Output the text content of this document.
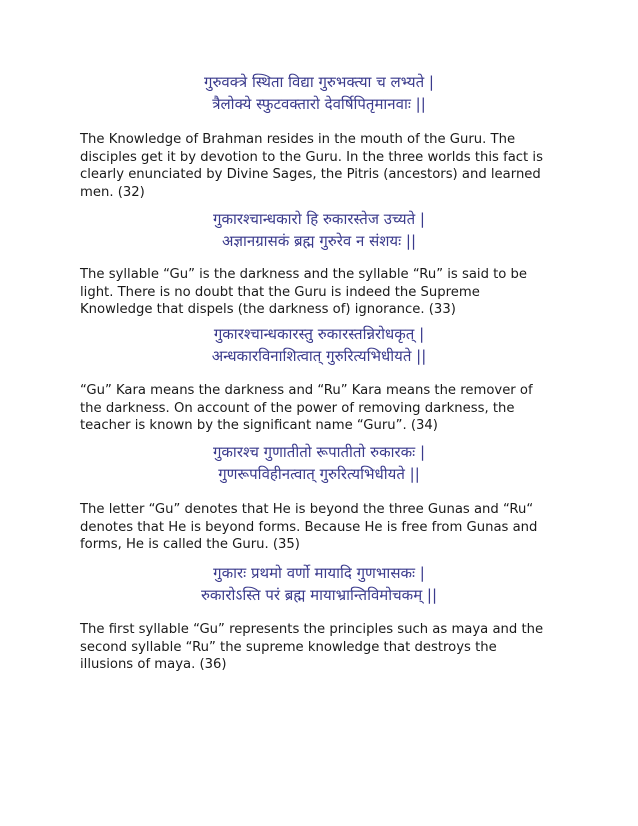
गुरुवक्त्रे स्थिता विद्या गुरुभक्त्या च लभ्यते |
त्रैलोक्ये स्फुटवक्तारो देवर्षिपितृमानवाः ||

The Knowledge of Brahman resides in the mouth of the Guru. The disciples get it by devotion to the Guru. In the three worlds this fact is clearly enunciated by Divine Sages, the Pitris (ancestors) and learned men. (32)

गुकारश्चान्धकारो हि रुकारस्तेज उच्यते |
अज्ञानग्रासकं ब्रह्म गुरुरेव न संशयः ||

The syllable “Gu” is the darkness and the syllable “Ru” is said to be light. There is no doubt that the Guru is indeed the Supreme Knowledge that dispels (the darkness of) ignorance. (33)

गुकारश्चान्धकारस्तु रुकारस्तन्निरोधकृत् |
अन्धकारविनाशित्वात् गुरुरित्यभिधीयते ||

“Gu” Kara means the darkness and “Ru” Kara means the remover of the darkness. On account of the power of removing darkness, the teacher is known by the significant name “Guru”. (34)

गुकारश्च गुणातीतो रूपातीतो रुकारकः |
गुणरूपविहीनत्वात् गुरुरित्यभिधीयते ||

The letter “Gu” denotes that He is beyond the three Gunas and “Ru“ denotes that He is beyond forms. Because He is free from Gunas and forms, He is called the Guru. (35)

गुकारः प्रथमो वर्णो मायादि गुणभासकः |
रुकारोऽस्ति परं ब्रह्म मायाभ्रान्तिविमोचकम् ||

The first syllable “Gu” represents the principles such as maya and the second syllable “Ru” the supreme knowledge that destroys the illusions of maya. (36)
